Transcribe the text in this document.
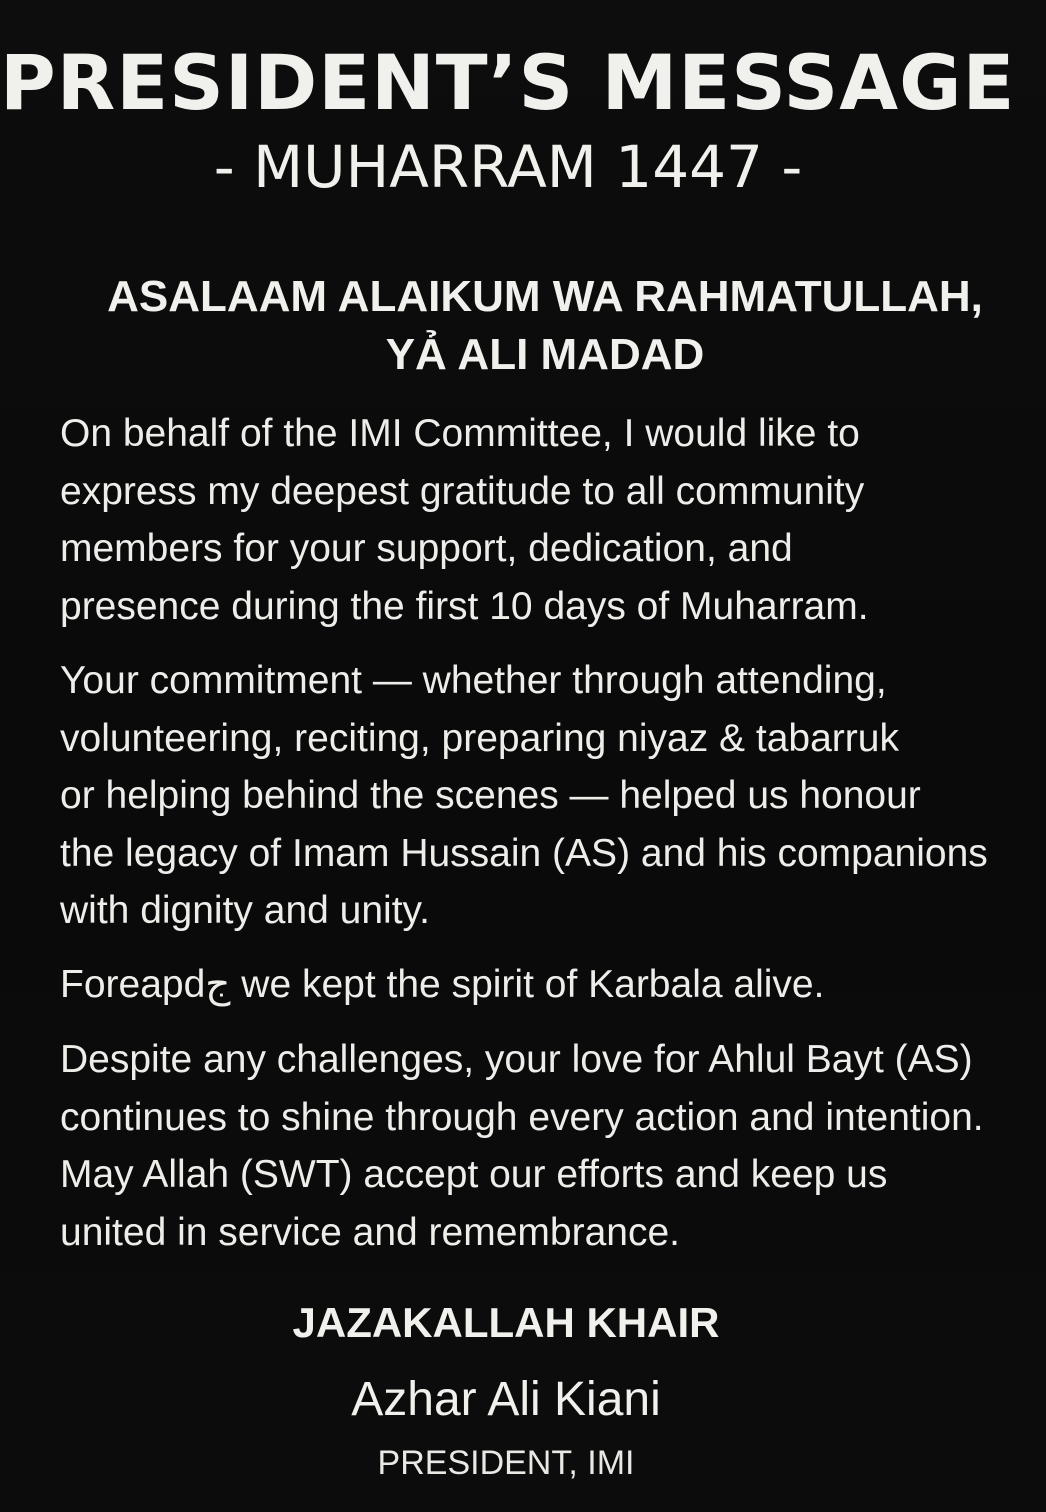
PRESIDENT’S MESSAGE
- MUHARRAM 1447 -
ASALAAM ALAIKUM WA RAHMATULLAH,
YẢ ALI MADAD
On behalf of the IMI Committee, I would like to
express my deepest gratitude to all community
members for your support, dedication, and
presence during the first 10 days of Muharram.
Your commitment — whether through attending,
volunteering, reciting, preparing niyaz & tabarruk
or helping behind the scenes — helped us honour
the legacy of Imam Hussain (AS) and his companions
with dignity and unity.
Foreapdج we kept the spirit of Karbala alive.
Despite any challenges, your love for Ahlul Bayt (AS)
continues to shine through every action and intention.
May Allah (SWT) accept our efforts and keep us
united in service and remembrance.
JAZAKALLAH KHAIR
Azhar Ali Kiani
PRESIDENT, IMI
